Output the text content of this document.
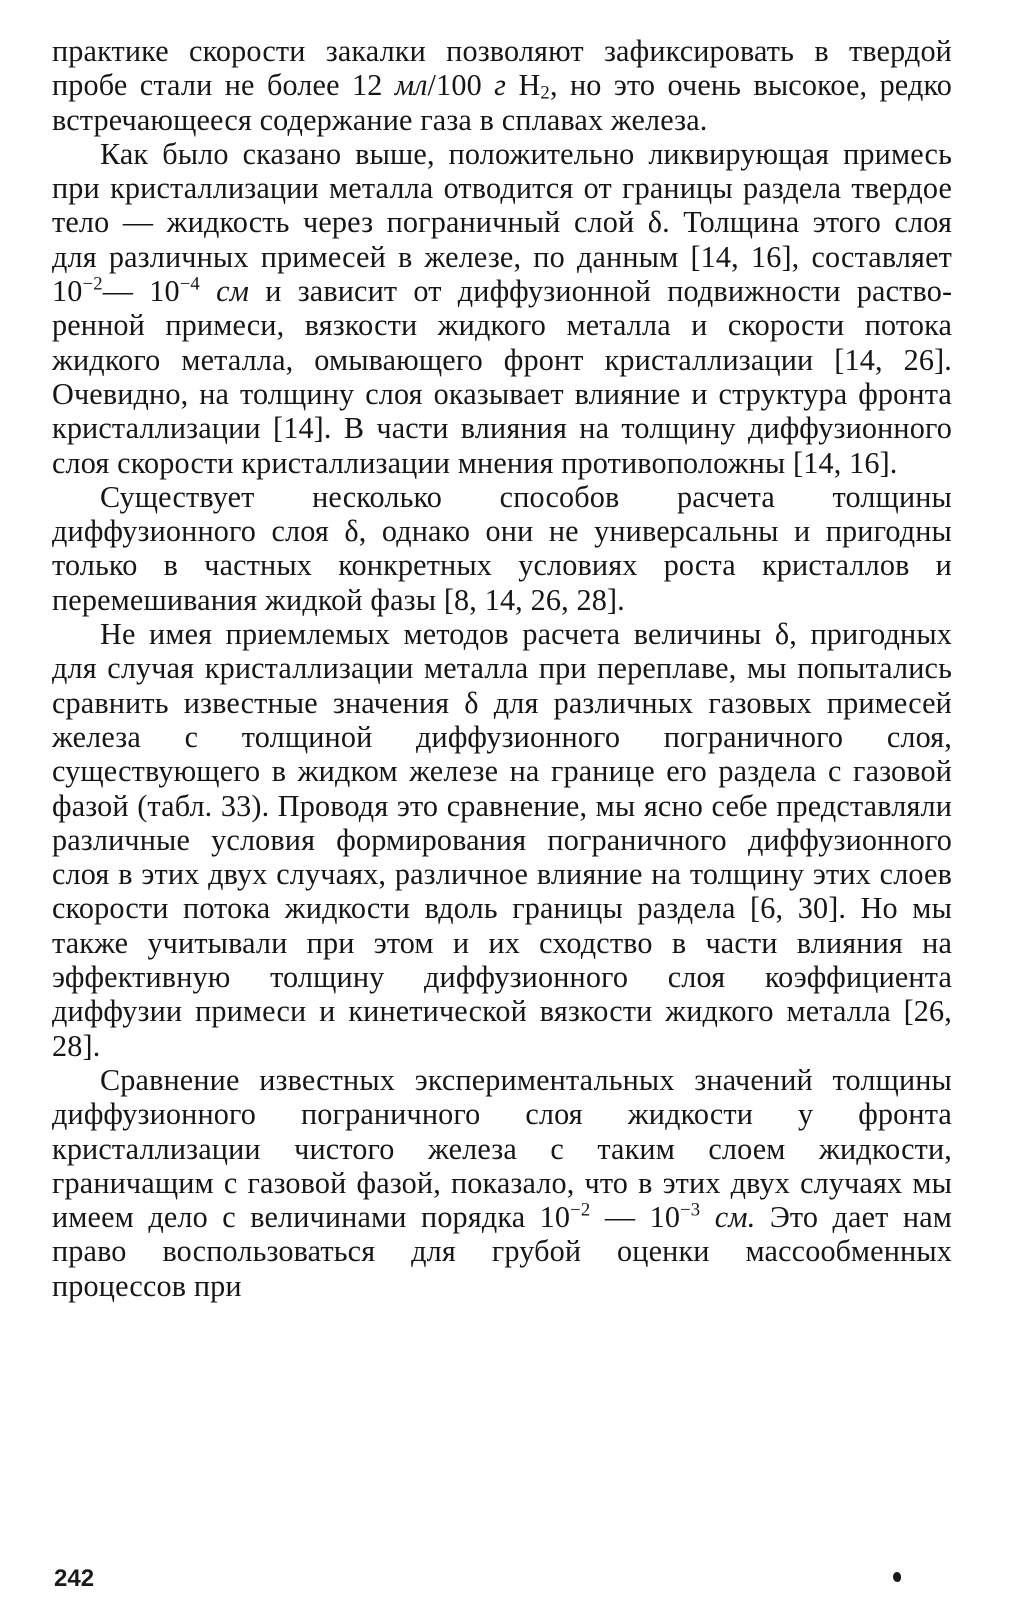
практике скорости закалки позволяют зафиксировать в твердой пробе стали не более 12 мл/100 г $H_2$, но это очень высокое, редко встречающееся содержание газа в сплавах железа.

Как было сказано выше, положительно ликвирующая примесь при кристаллизации металла отводится от границы раздела твердое тело — жидкость через пограничный слой δ. Толщина этого слоя для различных примесей в железе, по данным [14, 16], составляет $10^{-2}—$ $10^{-4}$ см и зависит от диффузионной подвижности растворенной примеси, вязкости жидкого металла и скорости потока жидкого металла, омывающего фронт кристаллизации [14, 26]. Очевидно, на толщину слоя оказывает влияние и структура фронта кристаллизации [14]. В части влияния на толщину диффузионного слоя скорости кристаллизации мнения противоположны [14, 16].

Существует несколько способов расчета толщины диффузионного слоя δ, однако они не универсальны и пригодны только в частных конкретных условиях роста кристаллов и перемешивания жидкой фазы [8, 14, 26, 28].

Не имея приемлемых методов расчета величины δ, пригодных для случая кристаллизации металла при переплаве, мы попытались сравнить известные значения δ для различных газовых примесей железа с толщиной диффузионного пограничного слоя, существующего в жидком железе на границе его раздела с газовой фазой (табл. 33). Проводя это сравнение, мы ясно себе представляли различные условия формирования пограничного диффузионного слоя в этих двух случаях, различное влияние на толщину этих слоев скорости потока жидкости вдоль границы раздела [6, 30]. Но мы также учитывали при этом и их сходство в части влияния на эффективную толщину диффузионного слоя коэффициента диффузии примеси и кинетической вязкости жидкого металла [26, 28].

Сравнение известных экспериментальных значений толщины диффузионного пограничного слоя жидкости у фронта кристаллизации чистого железа с таким слоем жидкости, граничащим с газовой фазой, показало, что в этих двух случаях мы имеем дело с величинами порядка $10^{-2}$ — $10^{-3}$ см. Это дает нам право воспользоваться для грубой оценки массообменных процессов при

242
